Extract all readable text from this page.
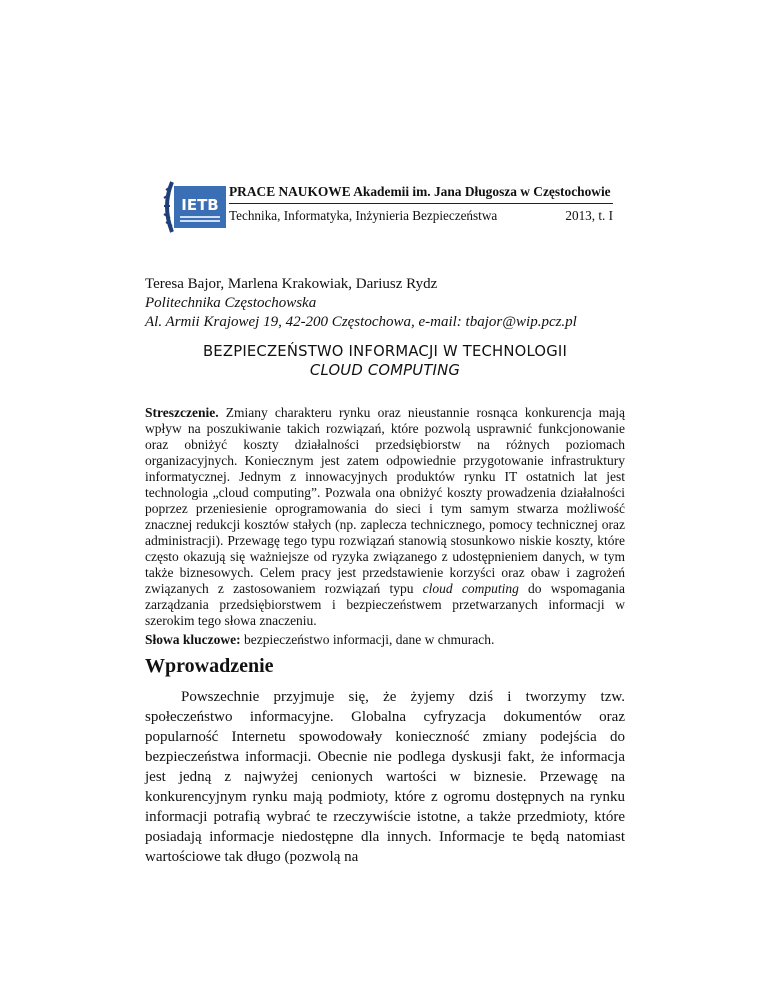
IETB
PRACE NAUKOWE Akademii im. Jana Długosza w Częstochowie
Technika, Informatyka, Inżynieria Bezpieczeństwa	2013, t. I
Teresa Bajor, Marlena Krakowiak, Dariusz Rydz
Politechnika Częstochowska
Al. Armii Krajowej 19, 42-200 Częstochowa, e-mail: tbajor@wip.pcz.pl
BEZPIECZEŃSTWO INFORMACJI W TECHNOLOGII
CLOUD COMPUTING

Streszczenie. Zmiany charakteru rynku oraz nieustannie rosnąca konkurencja mają wpływ na poszukiwanie takich rozwiązań, które pozwolą usprawnić funkcjonowanie oraz obniżyć koszty działalności przedsiębiorstw na różnych poziomach organizacyjnych. Koniecznym jest zatem odpowiednie przygotowanie infrastruktury informatycznej. Jednym z innowacyjnych produktów rynku IT ostatnich lat jest technologia „cloud computing”. Pozwala ona obniżyć koszty prowadzenia działalności poprzez przeniesienie oprogramowania do sieci i tym samym stwarza możliwość znacznej redukcji kosztów stałych (np. zaplecza technicznego, pomocy technicznej oraz administracji). Przewagę tego typu rozwiązań stanowią stosunkowo niskie koszty, które często okazują się ważniejsze od ryzyka związanego z udostępnieniem danych, w tym także biznesowych. Celem pracy jest przedstawienie korzyści oraz obaw i zagrożeń związanych z zastosowaniem rozwiązań typu cloud computing do wspomagania zarządzania przedsiębiorstwem i bezpieczeństwem przetwarzanych informacji w szerokim tego słowa znaczeniu.

Słowa kluczowe: bezpieczeństwo informacji, dane w chmurach.

Wprowadzenie

Powszechnie przyjmuje się, że żyjemy dziś i tworzymy tzw. społeczeństwo informacyjne. Globalna cyfryzacja dokumentów oraz popularność Internetu spowodowały konieczność zmiany podejścia do bezpieczeństwa informacji. Obecnie nie podlega dyskusji fakt, że informacja jest jedną z najwyżej cenionych wartości w biznesie. Przewagę na konkurencyjnym rynku mają podmioty, które z ogromu dostępnych na rynku informacji potrafią wybrać te rzeczywiście istotne, a także przedmioty, które posiadają informacje niedostępne dla innych. Informacje te będą natomiast wartościowe tak długo (pozwolą na
